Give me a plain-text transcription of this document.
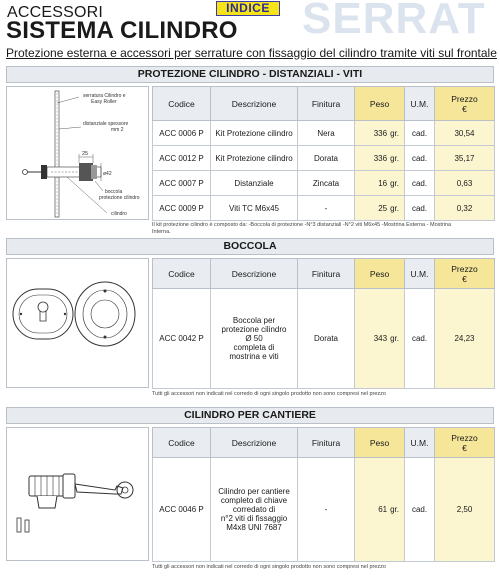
SERRAT
ACCESSORI
SISTEMA CILINDRO
INDICE
Protezione esterna e accessori per serrature con fissaggio del cilindro tramite viti sul frontale
PROTEZIONE CILINDRO - DISTANZIALI - VITI
serratura Cilindro e
Easy Roller
distanziale spessore
mm 2
25
ø42
boccola
protezione cilindro
cilindro
Codice	Descrizione	Finitura	Peso	U.M.	Prezzo
€
ACC 0006 P	Kit Protezione cilindro	Nera	336 gr.	cad.	30,54
ACC 0012 P	Kit Protezione cilindro	Dorata	336 gr.	cad.	35,17
ACC 0007 P	Distanziale	Zincata	16 gr.	cad.	0,63
ACC 0009 P	Viti TC M6x45	-	25 gr.	cad.	0,32
Il kit protezione cilindro è composto da: -Boccola di protezione -N°3 distanziali -N°2 viti M6x45 -Mostrina Esterna - Mostrina
Interna.
BOCCOLA
Codice	Descrizione	Finitura	Peso	U.M.	Prezzo
€
ACC 0042 P	Boccola per
protezione cilindro
Ø 50
completa di
mostrina e viti	Dorata	343 gr.	cad.	24,23
Tutti gli accessori non indicati nel corredo di ogni singolo prodotto non sono compresi nel prezzo
CILINDRO PER CANTIERE
Codice	Descrizione	Finitura	Peso	U.M.	Prezzo
€
ACC 0046 P	Cilindro per cantiere
completo di chiave
corredato di
n°2 viti di fissaggio
M4x8 UNI 7687	-	61 gr.	cad.	2,50
Tutti gli accessori non indicati nel corredo di ogni singolo prodotto non sono compresi nel prezzo
